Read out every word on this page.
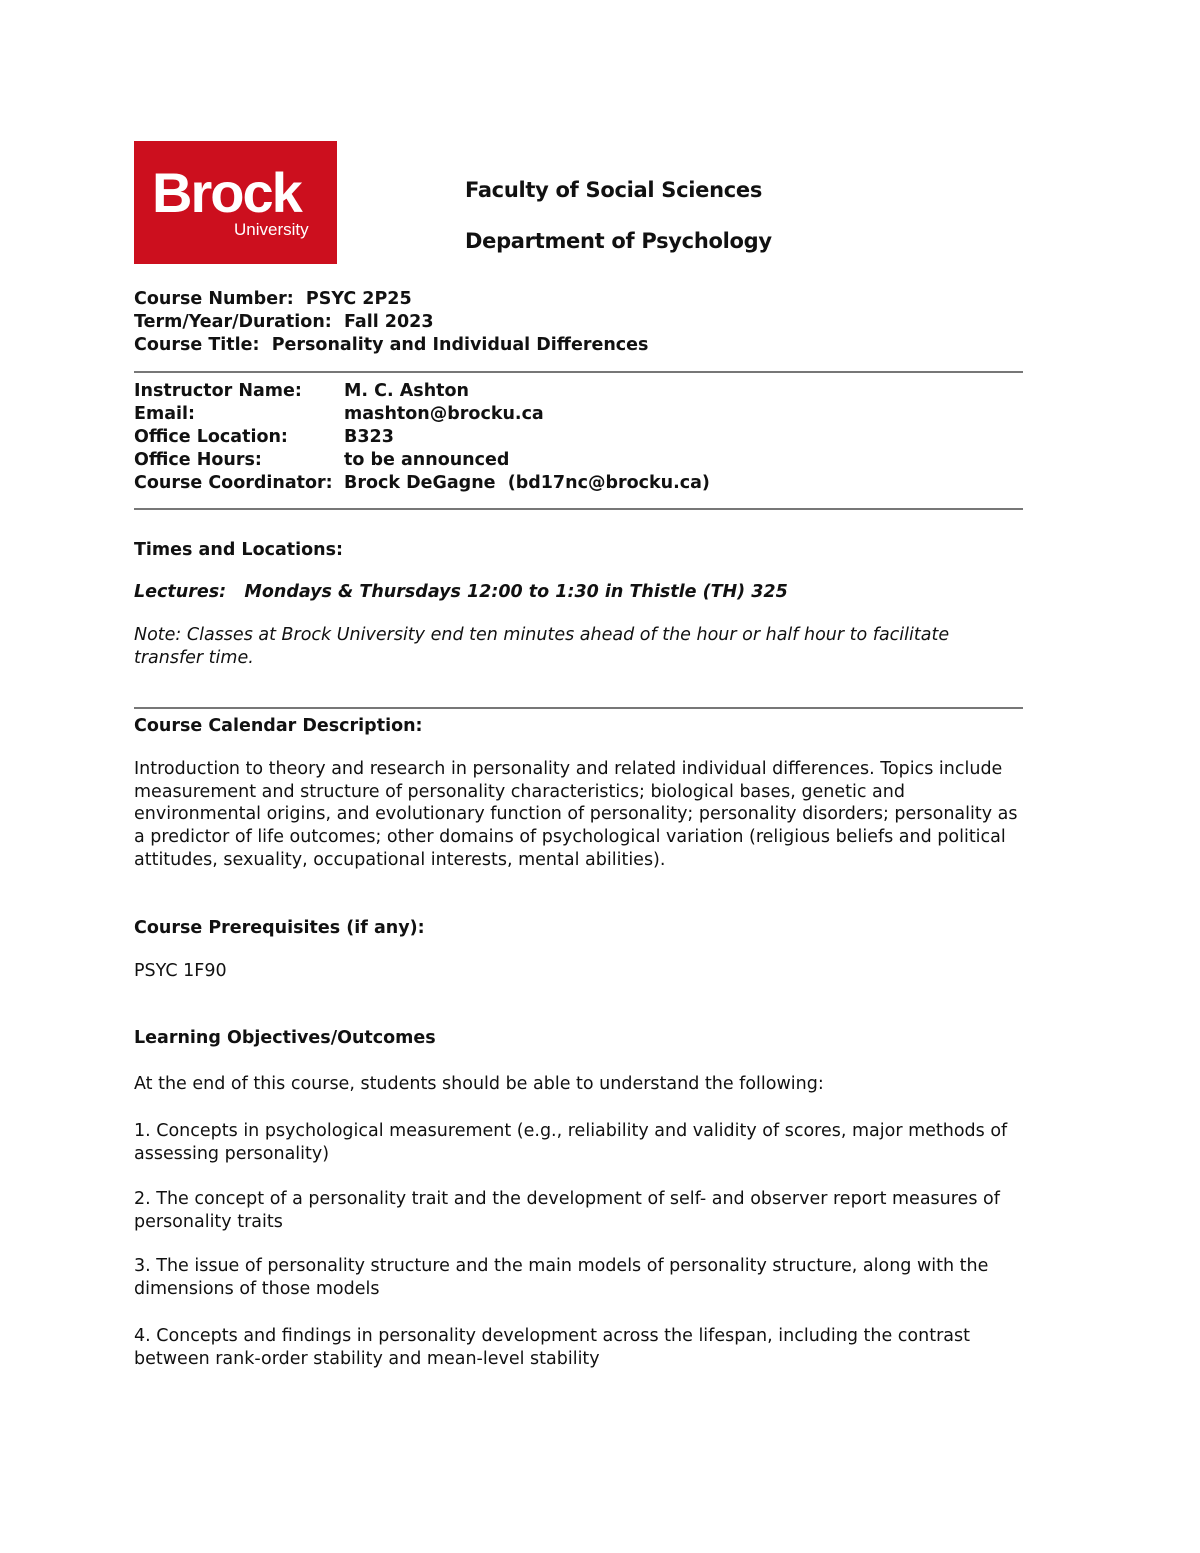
Brock
University
Faculty of Social Sciences
Department of Psychology
Course Number: PSYC 2P25
Term/Year/Duration: Fall 2023
Course Title: Personality and Individual Differences
Instructor Name: M. C. Ashton
Email:	mashton@brocku.ca
Office Location:	B323
Office Hours:	to be announced
Course Coordinator: Brock DeGagne  (bd17nc@brocku.ca)
Times and Locations:
Lectures: Mondays & Thursdays 12:00 to 1:30 in Thistle (TH) 325
Note: Classes at Brock University end ten minutes ahead of the hour or half hour to facilitate transfer time.
Course Calendar Description:
Introduction to theory and research in personality and related individual differences. Topics include measurement and structure of personality characteristics; biological bases, genetic and environmental origins, and evolutionary function of personality; personality disorders; personality as a predictor of life outcomes; other domains of psychological variation (religious beliefs and political attitudes, sexuality, occupational interests, mental abilities).
Course Prerequisites (if any):
PSYC 1F90
Learning Objectives/Outcomes
At the end of this course, students should be able to understand the following:
1. Concepts in psychological measurement (e.g., reliability and validity of scores, major methods of assessing personality)
2. The concept of a personality trait and the development of self- and observer report measures of personality traits
3. The issue of personality structure and the main models of personality structure, along with the dimensions of those models
4. Concepts and findings in personality development across the lifespan, including the contrast between rank-order stability and mean-level stability
